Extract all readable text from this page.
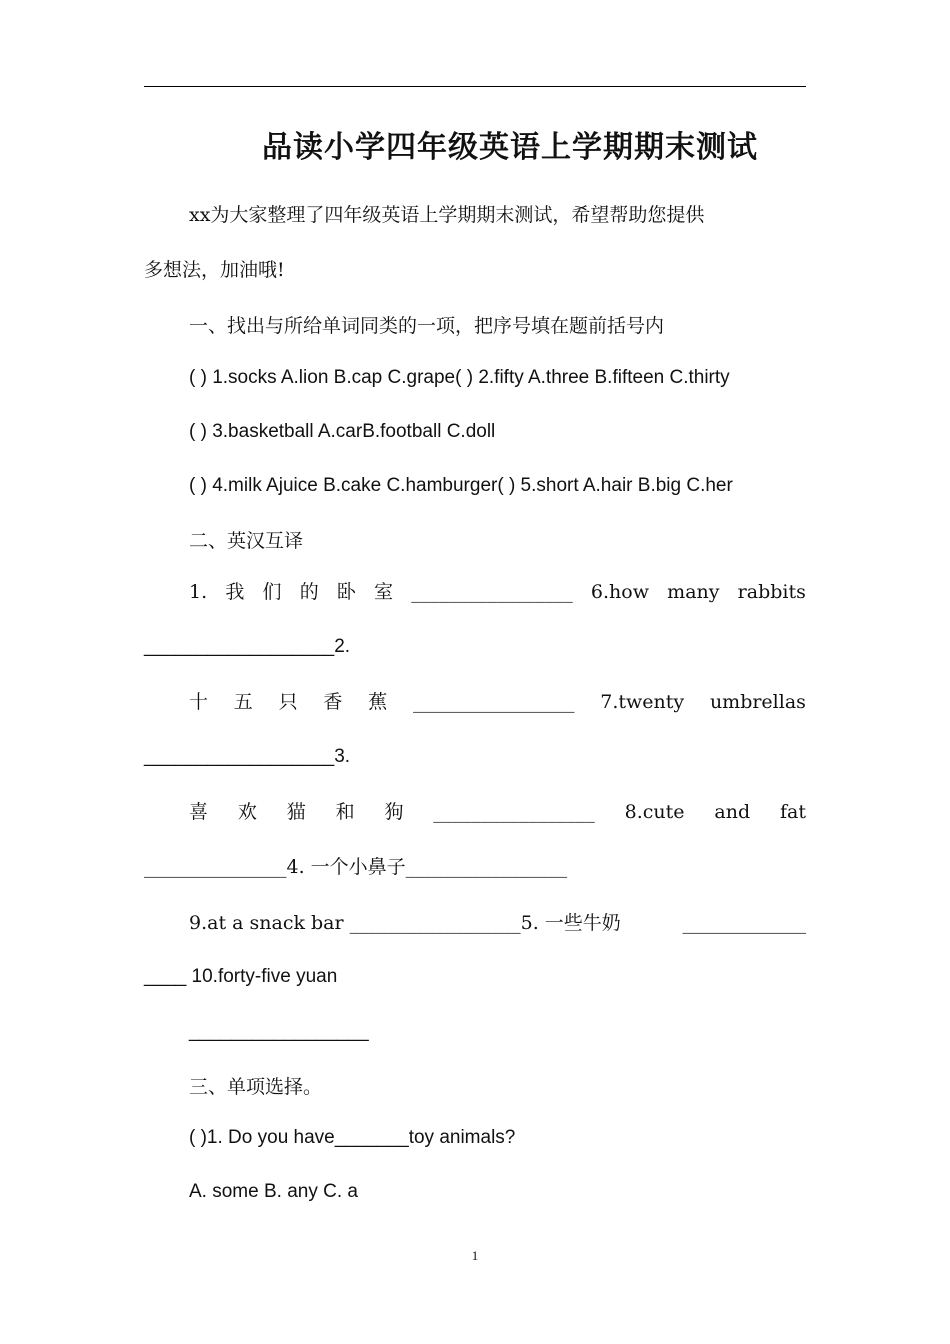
品读小学四年级英语上学期期末测试
xx为大家整理了四年级英语上学期期末测试，希望帮助您提供
多想法，加油哦!
一、找出与所给单词同类的一项，把序号填在题前括号内
( ) 1.socks A.lion B.cap C.grape( ) 2.fifty A.three B.fifteen C.thirty
( ) 3.basketball A.carB.football C.doll
( ) 4.milk Ajuice B.cake C.hamburger( ) 5.short A.hair B.big C.her
二、英汉互译
1. 我 们 的 卧 室 _________________ 6.how many rabbits
__________________2.
十 五 只 香 蕉 _________________ 7.twenty umbrellas
__________________3.
喜 欢 猫 和 狗 _________________ 8.cute and fat
_______________4. 一个小鼻子_________________
9.at a snack bar __________________5. 一些牛奶	_____________
____ 10.forty-five yuan
_________________
三、单项选择。
( )1. Do you have_______toy animals?
A. some B. any C. a
1
